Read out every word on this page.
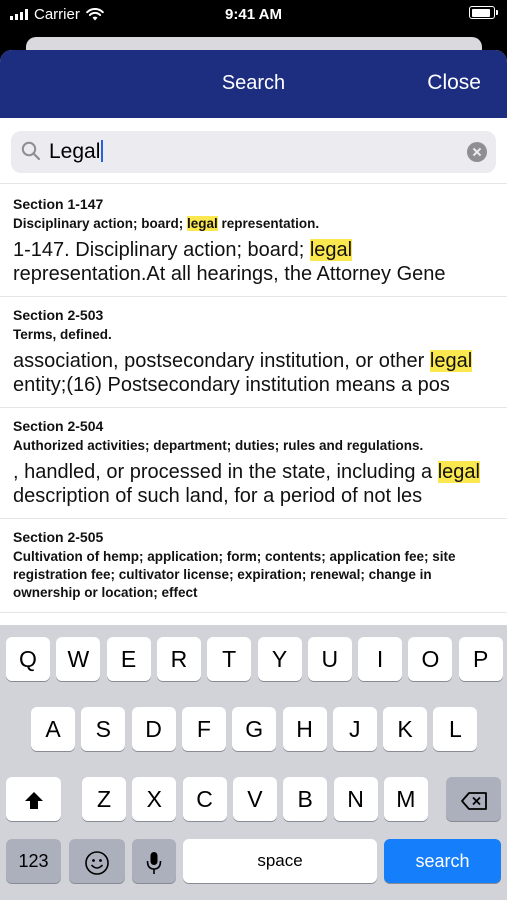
Carrier	9:41 AM
Search	Close
Legal
Section 1-147
Disciplinary action; board; legal representation.
1-147. Disciplinary action; board; legal representation.At all hearings, the Attorney Gene
Section 2-503
Terms, defined.
association, postsecondary institution, or other legal entity;(16) Postsecondary institution means a pos
Section 2-504
Authorized activities; department; duties; rules and regulations.
, handled, or processed in the state, including a legal description of such land, for a period of not les
Section 2-505
Cultivation of hemp; application; form; contents; application fee; site registration fee; cultivator license; expiration; renewal; change in ownership or location; effect
Q	W	E	R	T	Y	U	I	O	P
A	S	D	F	G	H	J	K	L
Z	X	C	V	B	N	M
123	space	search
